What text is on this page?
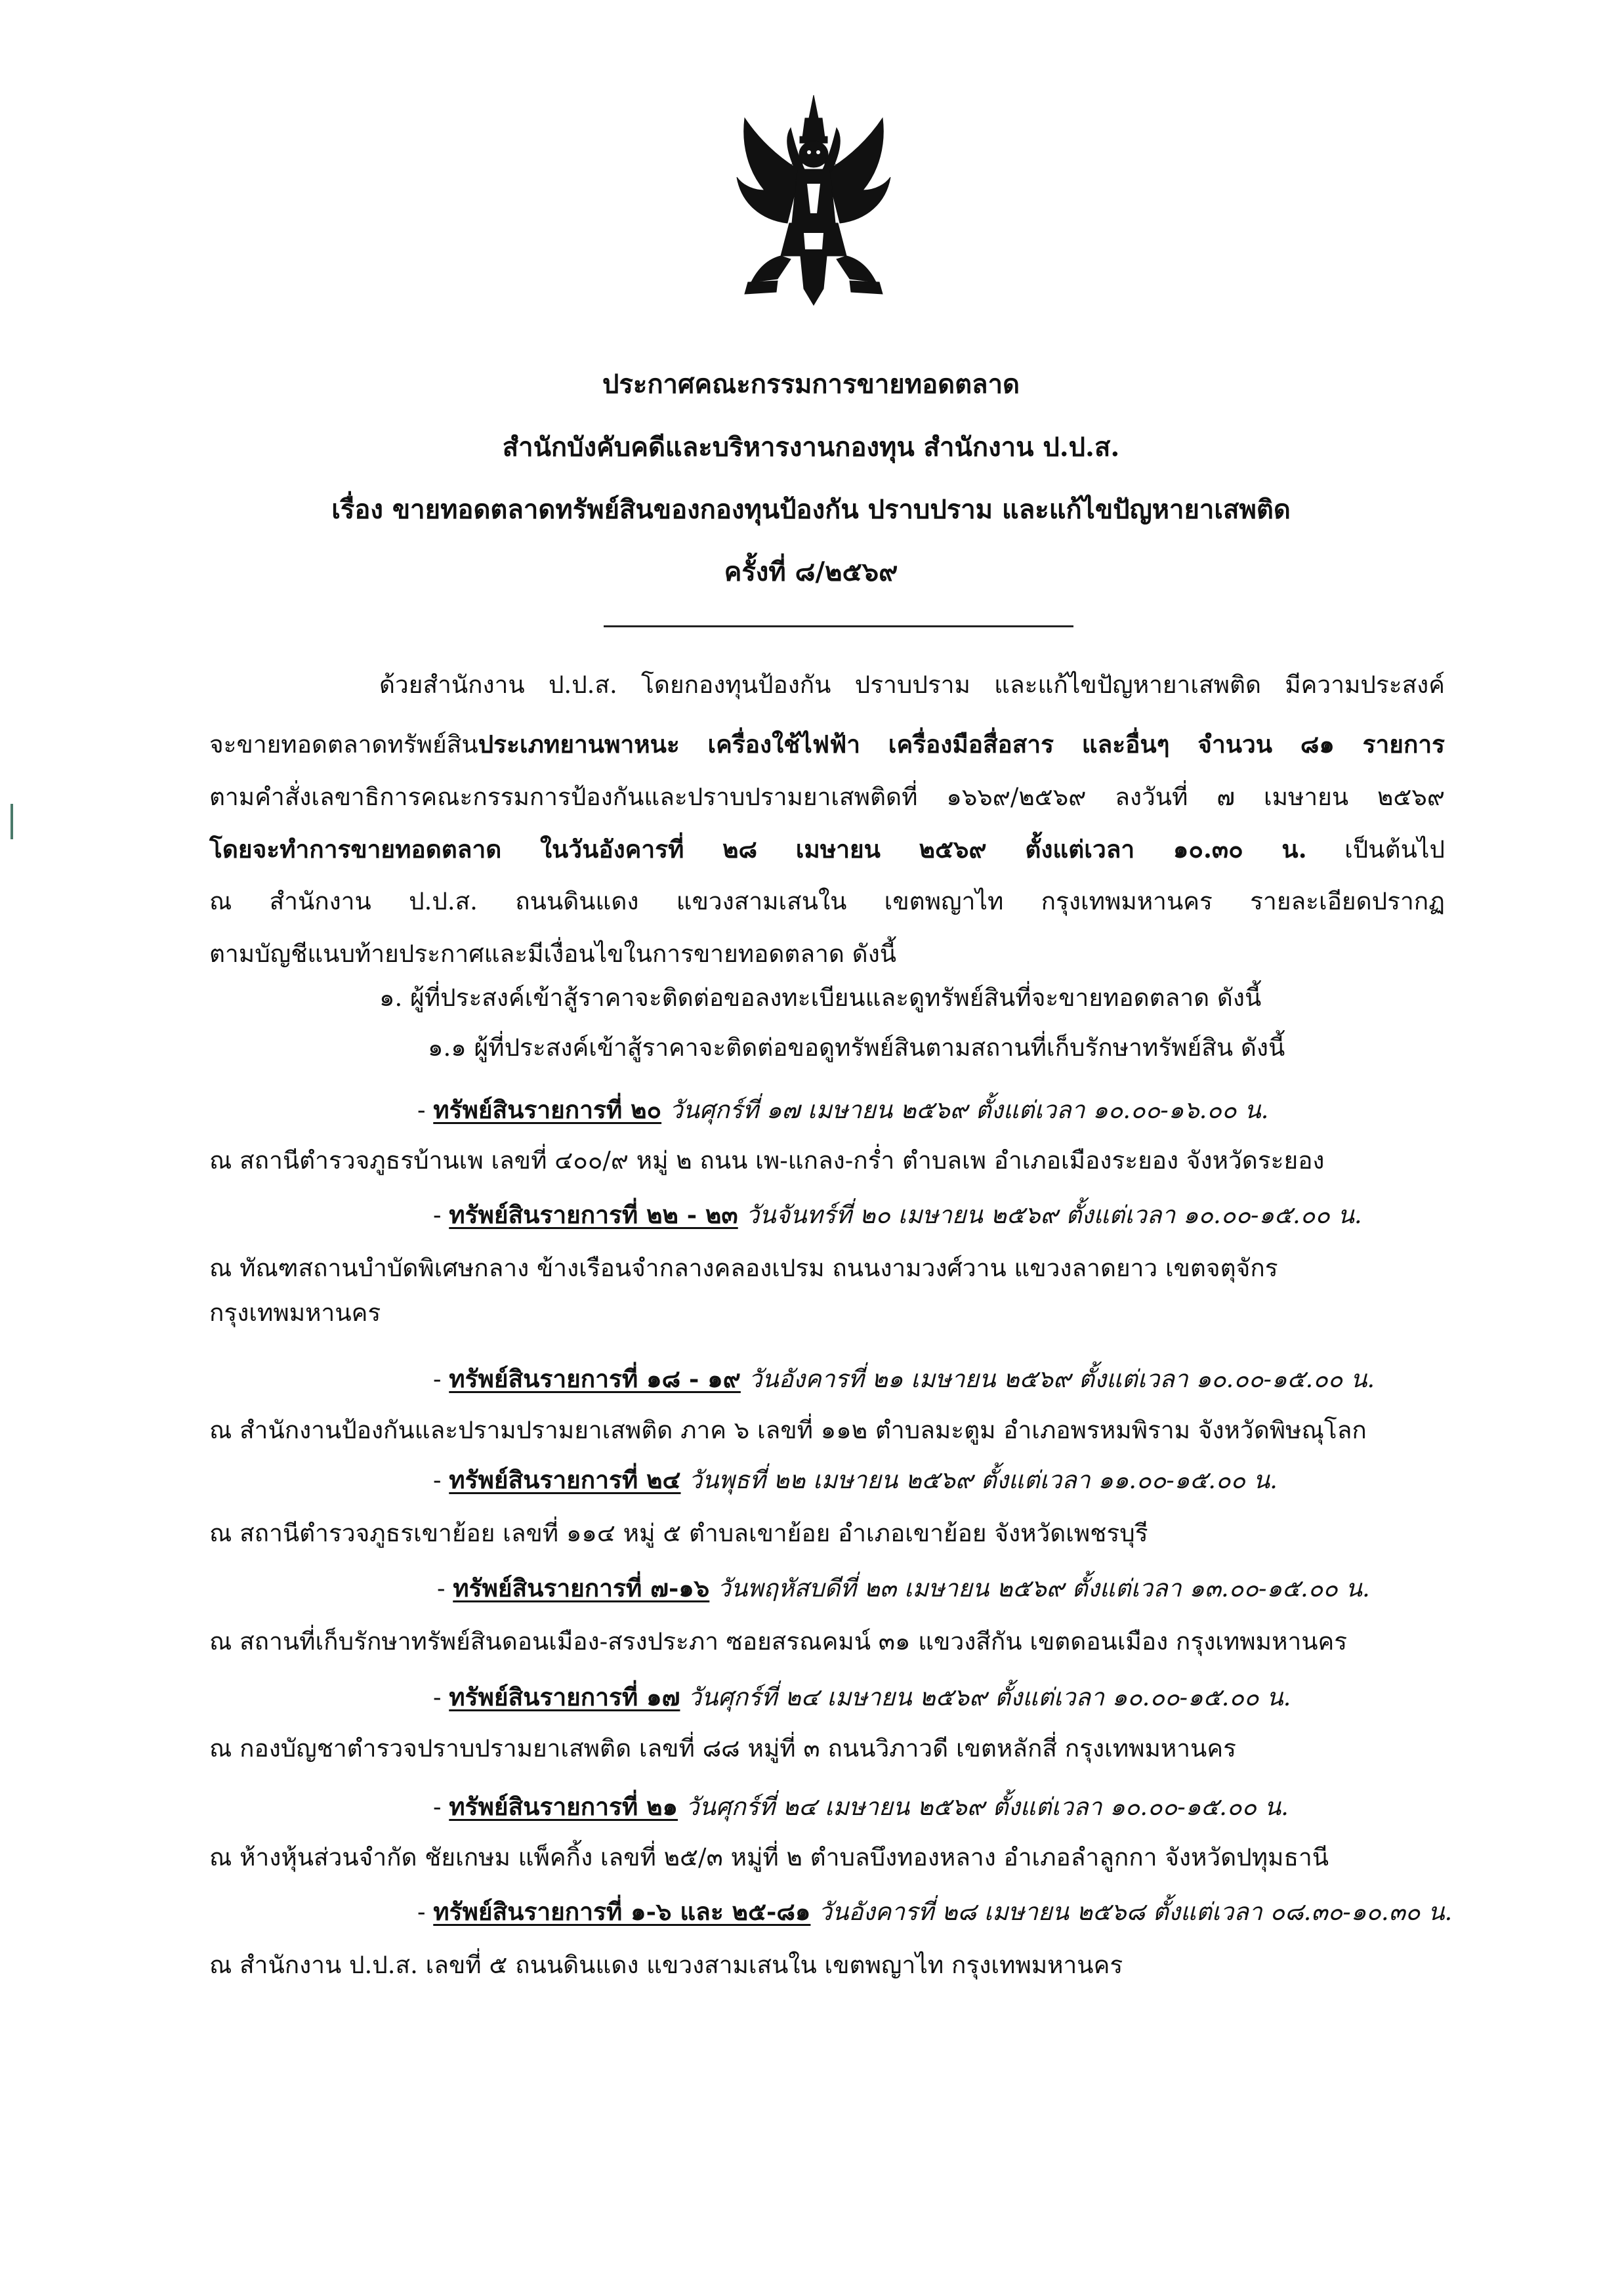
ประกาศคณะกรรมการขายทอดตลาด
สำนักบังคับคดีและบริหารงานกองทุน สำนักงาน ป.ป.ส.
เรื่อง ขายทอดตลาดทรัพย์สินของกองทุนป้องกัน ปราบปราม และแก้ไขปัญหายาเสพติด
ครั้งที่ ๘/๒๕๖๙
ด้วยสำนักงาน ป.ป.ส. โดยกองทุนป้องกัน ปราบปราม และแก้ไขปัญหายาเสพติด มีความประสงค์
จะขายทอดตลาดทรัพย์สินประเภทยานพาหนะ เครื่องใช้ไฟฟ้า เครื่องมือสื่อสาร และอื่นๆ จำนวน ๘๑ รายการ
ตามคำสั่งเลขาธิการคณะกรรมการป้องกันและปราบปรามยาเสพติดที่ ๑๖๖๙/๒๕๖๙ ลงวันที่ ๗ เมษายน ๒๕๖๙
โดยจะทำการขายทอดตลาด ในวันอังคารที่ ๒๘ เมษายน ๒๕๖๙ ตั้งแต่เวลา ๑๐.๓๐ น. เป็นต้นไป
ณ สำนักงาน ป.ป.ส. ถนนดินแดง แขวงสามเสนใน เขตพญาไท กรุงเทพมหานคร รายละเอียดปรากฏ
ตามบัญชีแนบท้ายประกาศและมีเงื่อนไขในการขายทอดตลาด ดังนี้
๑. ผู้ที่ประสงค์เข้าสู้ราคาจะติดต่อขอลงทะเบียนและดูทรัพย์สินที่จะขายทอดตลาด ดังนี้
๑.๑ ผู้ที่ประสงค์เข้าสู้ราคาจะติดต่อขอดูทรัพย์สินตามสถานที่เก็บรักษาทรัพย์สิน ดังนี้
- ทรัพย์สินรายการที่ ๒๐ วันศุกร์ที่ ๑๗ เมษายน ๒๕๖๙ ตั้งแต่เวลา ๑๐.๐๐-๑๖.๐๐ น.
ณ สถานีตำรวจภูธรบ้านเพ เลขที่ ๔๐๐/๙ หมู่ ๒ ถนน เพ-แกลง-กร่ำ ตำบลเพ อำเภอเมืองระยอง จังหวัดระยอง
- ทรัพย์สินรายการที่ ๒๒ - ๒๓ วันจันทร์ที่ ๒๐ เมษายน ๒๕๖๙ ตั้งแต่เวลา ๑๐.๐๐-๑๕.๐๐ น.
ณ ทัณฑสถานบำบัดพิเศษกลาง ข้างเรือนจำกลางคลองเปรม ถนนงามวงศ์วาน แขวงลาดยาว เขตจตุจักร
กรุงเทพมหานคร
- ทรัพย์สินรายการที่ ๑๘ - ๑๙ วันอังคารที่ ๒๑ เมษายน ๒๕๖๙ ตั้งแต่เวลา ๑๐.๐๐-๑๕.๐๐ น.
ณ สำนักงานป้องกันและปรามปรามยาเสพติด ภาค ๖ เลขที่ ๑๑๒ ตำบลมะตูม อำเภอพรหมพิราม จังหวัดพิษณุโลก
- ทรัพย์สินรายการที่ ๒๔ วันพุธที่ ๒๒ เมษายน ๒๕๖๙ ตั้งแต่เวลา ๑๑.๐๐-๑๕.๐๐ น.
ณ สถานีตำรวจภูธรเขาย้อย เลขที่ ๑๑๔ หมู่ ๕ ตำบลเขาย้อย อำเภอเขาย้อย จังหวัดเพชรบุรี
- ทรัพย์สินรายการที่ ๗-๑๖ วันพฤหัสบดีที่ ๒๓ เมษายน ๒๕๖๙ ตั้งแต่เวลา ๑๓.๐๐-๑๕.๐๐ น.
ณ สถานที่เก็บรักษาทรัพย์สินดอนเมือง-สรงประภา ซอยสรณคมน์ ๓๑ แขวงสีกัน เขตดอนเมือง กรุงเทพมหานคร
- ทรัพย์สินรายการที่ ๑๗ วันศุกร์ที่ ๒๔ เมษายน ๒๕๖๙ ตั้งแต่เวลา ๑๐.๐๐-๑๕.๐๐ น.
ณ กองบัญชาตำรวจปราบปรามยาเสพติด เลขที่ ๘๘ หมู่ที่ ๓ ถนนวิภาวดี เขตหลักสี่ กรุงเทพมหานคร
- ทรัพย์สินรายการที่ ๒๑ วันศุกร์ที่ ๒๔ เมษายน ๒๕๖๙ ตั้งแต่เวลา ๑๐.๐๐-๑๕.๐๐ น.
ณ ห้างหุ้นส่วนจำกัด ชัยเกษม แพ็คกิ้ง เลขที่ ๒๕/๓ หมู่ที่ ๒ ตำบลบึงทองหลาง อำเภอลำลูกกา จังหวัดปทุมธานี
- ทรัพย์สินรายการที่ ๑-๖ และ ๒๕-๘๑ วันอังคารที่ ๒๘ เมษายน ๒๕๖๘ ตั้งแต่เวลา ๐๘.๓๐-๑๐.๓๐ น.
ณ สำนักงาน ป.ป.ส. เลขที่ ๕ ถนนดินแดง แขวงสามเสนใน เขตพญาไท กรุงเทพมหานคร
